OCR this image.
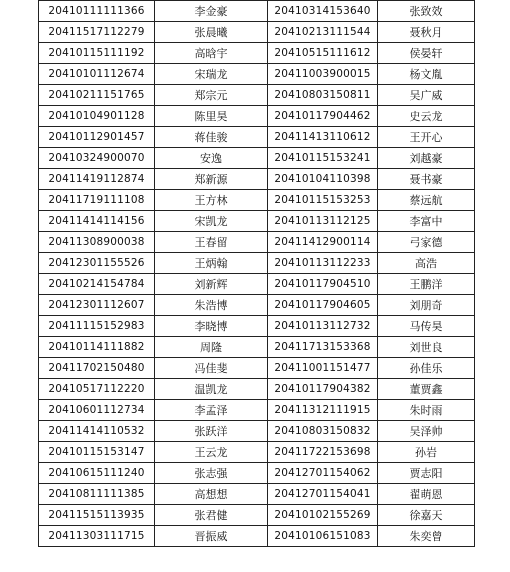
20410111111366	李金豪	20410314153640	张致效
20411517112279	张晨曦	20410213111544	聂秋月
20410115111192	高晗宇	20410515111612	侯晏轩
20410101112674	宋瑞龙	20411003900015	杨文胤
20410211151765	郑宗元	20410803150811	吴广威
20410104901128	陈里昊	20410117904462	史云龙
20410112901457	蒋佳骏	20411413110612	王开心
20410324900070	安逸	20410115153241	刘越豪
20411419112874	郑新源	20410104110398	聂书豪
20411719111108	王方林	20410115153253	蔡远航
20411414114156	宋凯龙	20410113112125	李富中
20411308900038	王春留	20411412900114	弓家德
20412301155526	王炳翰	20410113112233	高浩
20410214154784	刘新辉	20410117904510	王鹏洋
20412301112607	朱浩博	20410117904605	刘朋奇
20411115152983	李晓博	20410113112732	马传昊
20410114111882	周隆	20411713153368	刘世良
20411702150480	冯佳斐	20411001151477	孙佳乐
20410517112220	温凯龙	20410117904382	董贾鑫
20410601112734	李孟泽	20411312111915	朱时雨
20411414110532	张跃洋	20410803150832	吴泽帅
20410115153147	王云龙	20411722153698	孙岩
20410615111240	张志强	20412701154062	贾志阳
20410811111385	高想想	20412701154041	翟萌恩
20411515113935	张君健	20410102155269	徐嘉天
20411303111715	晋振威	20410106151083	朱奕曾
